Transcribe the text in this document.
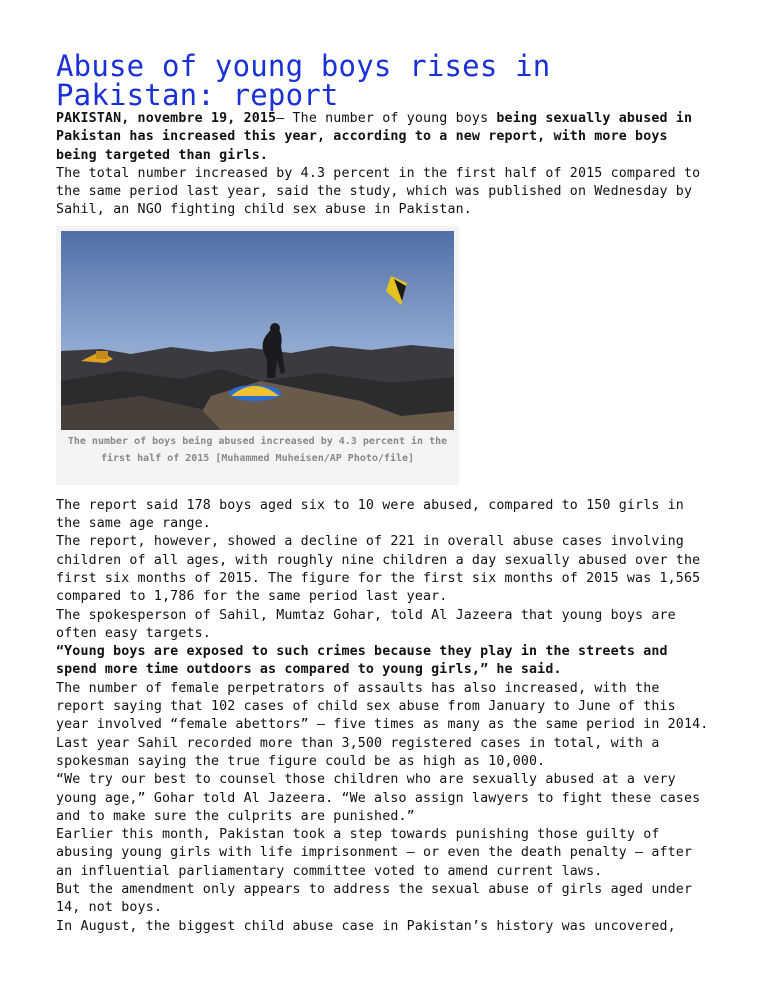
Abuse of young boys rises in Pakistan: report

PAKISTAN, novembre 19, 2015– The number of young boys being sexually abused in Pakistan has increased this year, according to a new report, with more boys being targeted than girls.

The total number increased by 4.3 percent in the first half of 2015 compared to the same period last year, said the study, which was published on Wednesday by Sahil, an NGO fighting child sex abuse in Pakistan.

The number of boys being abused increased by 4.3 percent in the first half of 2015 [Muhammed Muheisen/AP Photo/file]

The report said 178 boys aged six to 10 were abused, compared to 150 girls in the same age range.

The report, however, showed a decline of 221 in overall abuse cases involving children of all ages, with roughly nine children a day sexually abused over the first six months of 2015. The figure for the first six months of 2015 was 1,565 compared to 1,786 for the same period last year.

The spokesperson of Sahil, Mumtaz Gohar, told Al Jazeera that young boys are often easy targets.

“Young boys are exposed to such crimes because they play in the streets and spend more time outdoors as compared to young girls,” he said.

The number of female perpetrators of assaults has also increased, with the report saying that 102 cases of child sex abuse from January to June of this year involved “female abettors” – five times as many as the same period in 2014.

Last year Sahil recorded more than 3,500 registered cases in total, with a spokesman saying the true figure could be as high as 10,000.

“We try our best to counsel those children who are sexually abused at a very young age,” Gohar told Al Jazeera. “We also assign lawyers to fight these cases and to make sure the culprits are punished.”

Earlier this month, Pakistan took a step towards punishing those guilty of abusing young girls with life imprisonment – or even the death penalty – after an influential parliamentary committee voted to amend current laws.

But the amendment only appears to address the sexual abuse of girls aged under 14, not boys.

In August, the biggest child abuse case in Pakistan’s history was uncovered,
